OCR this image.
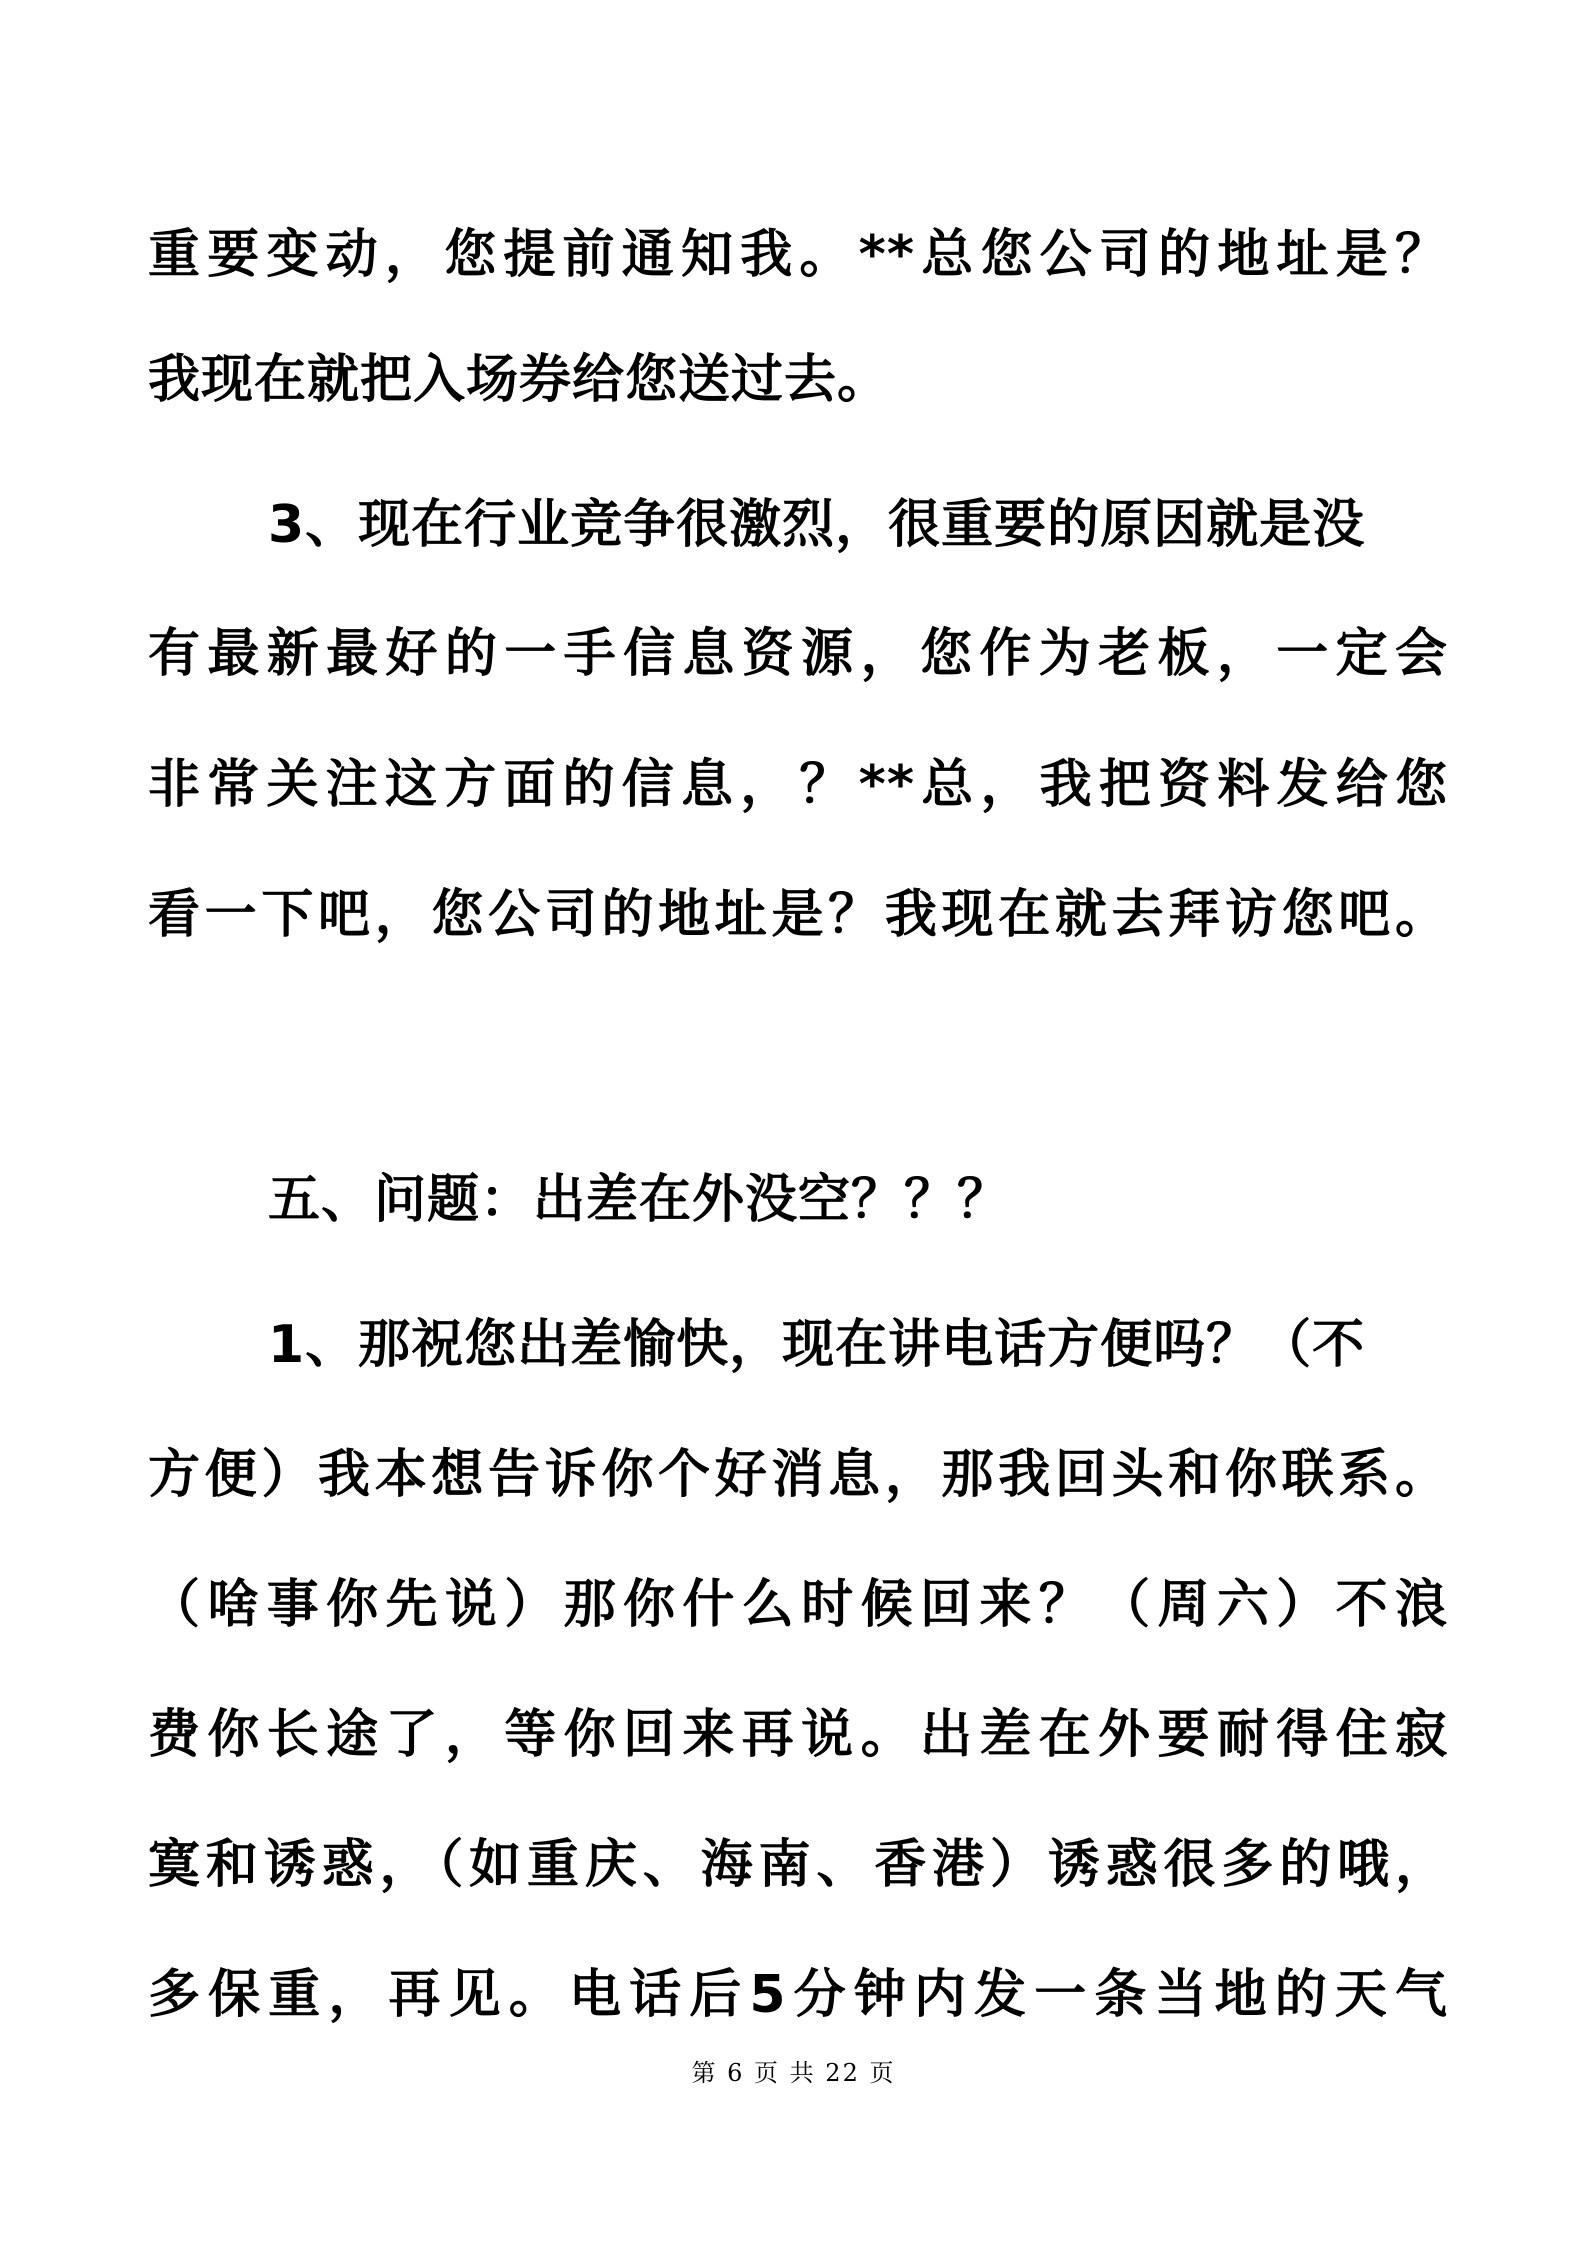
重要变动，您提前通知我。**总您公司的地址是？
我现在就把入场券给您送过去。
3、现在行业竞争很激烈，很重要的原因就是没
有最新最好的一手信息资源，您作为老板，一定会
非常关注这方面的信息，？**总，我把资料发给您
看一下吧，您公司的地址是？我现在就去拜访您吧。
五、问题：出差在外没空？？？
1、那祝您出差愉快，现在讲电话方便吗？（不
方便）我本想告诉你个好消息，那我回头和你联系。
（啥事你先说）那你什么时候回来？（周六）不浪
费你长途了，等你回来再说。出差在外要耐得住寂
寞和诱惑，（如重庆、海南、香港）诱惑很多的哦，
多保重，再见。电话后5分钟内发一条当地的天气
第 6 页 共 22 页
